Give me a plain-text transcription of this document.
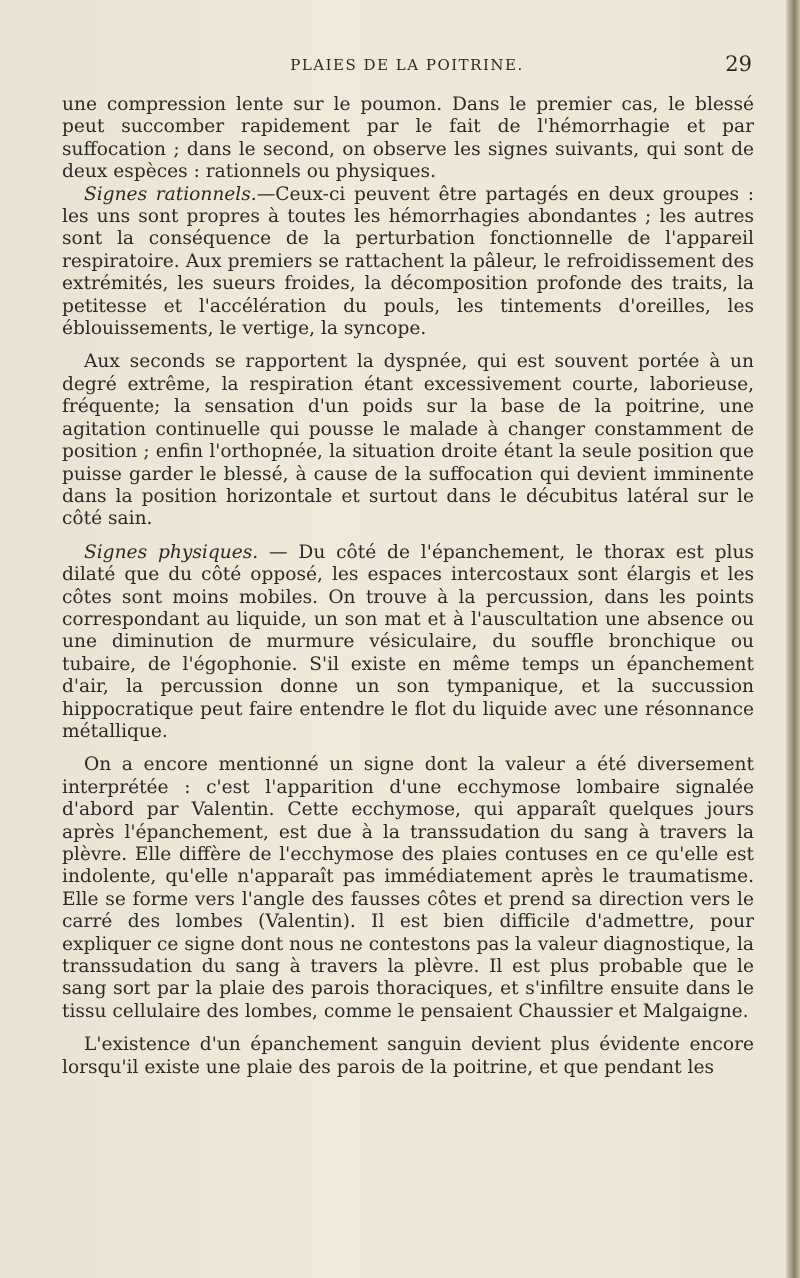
PLAIES DE LA POITRINE.	29

une compression lente sur le poumon. Dans le premier cas, le blessé peut succomber rapidement par le fait de l'hémorrhagie et par suffocation ; dans le second, on observe les signes suivants, qui sont de deux espèces : rationnels ou physiques.

Signes rationnels.—Ceux-ci peuvent être partagés en deux groupes : les uns sont propres à toutes les hémorrhagies abondantes ; les autres sont la conséquence de la perturbation fonctionnelle de l'appareil respiratoire. Aux premiers se rattachent la pâleur, le refroidissement des extrémités, les sueurs froides, la décomposition profonde des traits, la petitesse et l'accélération du pouls, les tintements d'oreilles, les éblouissements, le vertige, la syncope.

Aux seconds se rapportent la dyspnée, qui est souvent portée à un degré extrême, la respiration étant excessivement courte, laborieuse, fréquente; la sensation d'un poids sur la base de la poitrine, une agitation continuelle qui pousse le malade à changer constamment de position ; enfin l'orthopnée, la situation droite étant la seule position que puisse garder le blessé, à cause de la suffocation qui devient imminente dans la position horizontale et surtout dans le décubitus latéral sur le côté sain.

Signes physiques. — Du côté de l'épanchement, le thorax est plus dilaté que du côté opposé, les espaces intercostaux sont élargis et les côtes sont moins mobiles. On trouve à la percussion, dans les points correspondant au liquide, un son mat et à l'auscultation une absence ou une diminution de murmure vésiculaire, du souffle bronchique ou tubaire, de l'égophonie. S'il existe en même temps un épanchement d'air, la percussion donne un son tympanique, et la succussion hippocratique peut faire entendre le flot du liquide avec une résonnance métallique.

On a encore mentionné un signe dont la valeur a été diversement interprétée : c'est l'apparition d'une ecchymose lombaire signalée d'abord par Valentin. Cette ecchymose, qui apparaît quelques jours après l'épanchement, est due à la transsudation du sang à travers la plèvre. Elle diffère de l'ecchymose des plaies contuses en ce qu'elle est indolente, qu'elle n'apparaît pas immédiatement après le traumatisme. Elle se forme vers l'angle des fausses côtes et prend sa direction vers le carré des lombes (Valentin). Il est bien difficile d'admettre, pour expliquer ce signe dont nous ne contestons pas la valeur diagnostique, la transsudation du sang à travers la plèvre. Il est plus probable que le sang sort par la plaie des parois thoraciques, et s'infiltre ensuite dans le tissu cellulaire des lombes, comme le pensaient Chaussier et Malgaigne.

L'existence d'un épanchement sanguin devient plus évidente encore lorsqu'il existe une plaie des parois de la poitrine, et que pendant les
